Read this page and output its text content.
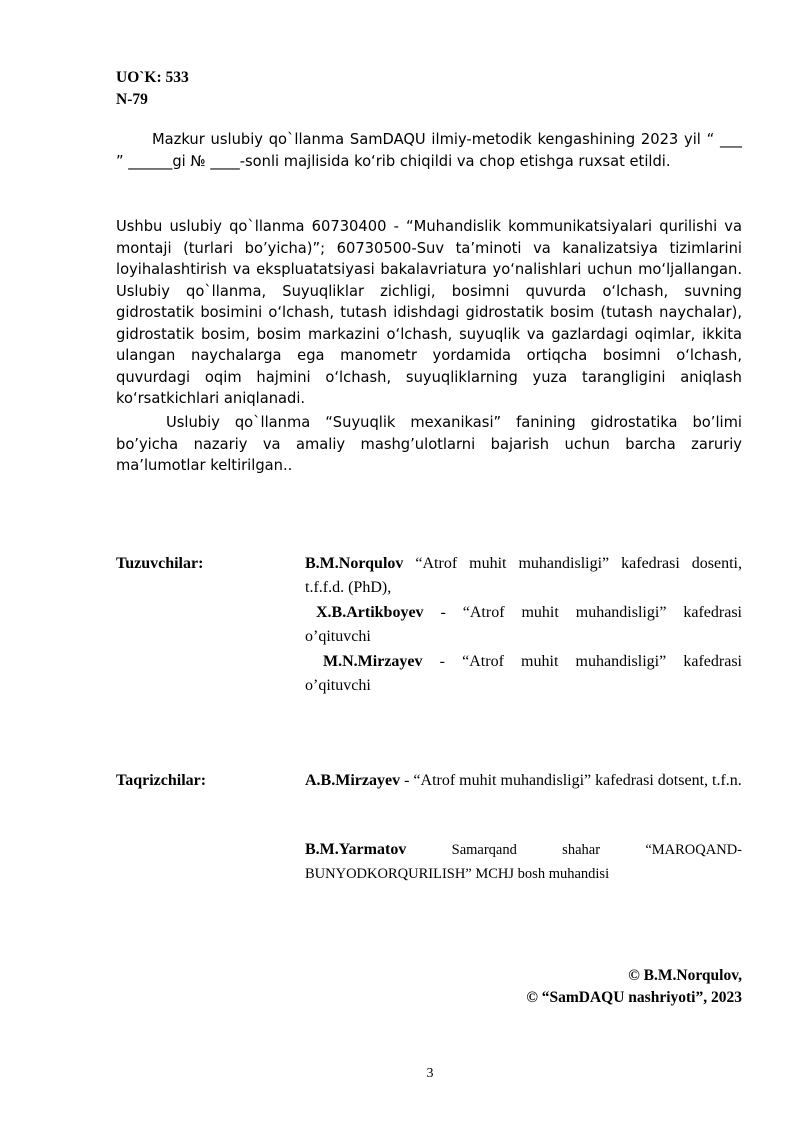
UO`K: 533
N-79
Mazkur uslubiy qo`llanma SamDAQU ilmiy-metodik kengashining 2023 yil “ ___ ” ______gi № ____-sonli majlisida ko‘rib chiqildi va chop etishga ruxsat etildi.
Ushbu uslubiy qo`llanma 60730400 - “Muhandislik kommunikatsiyalari qurilishi va montaji (turlari bo’yicha)”; 60730500-Suv ta’minoti va kanalizatsiya tizimlarini loyihalashtirish va ekspluatatsiyasi bakalavriatura yo‘nalishlari uchun mo‘ljallangan. Uslubiy qo`llanma, Suyuqliklar zichligi, bosimni quvurda o‘lchash, suvning gidrostatik bosimini o‘lchash, tutash idishdagi gidrostatik bosim (tutash naychalar), gidrostatik bosim, bosim markazini o‘lchash, suyuqlik va gazlardagi oqimlar, ikkita ulangan naychalarga ega manometr yordamida ortiqcha bosimni o‘lchash, quvurdagi oqim hajmini o‘lchash, suyuqliklarning yuza tarangligini aniqlash ko‘rsatkichlari aniqlanadi.
Uslubiy qo`llanma “Suyuqlik mexanikasi” fanining gidrostatika bo’limi bo’yicha nazariy va amaliy mashg’ulotlarni bajarish uchun barcha zaruriy ma’lumotlar keltirilgan..
Tuzuvchilar:	B.M.Norqulov “Atrof muhit muhandisligi” kafedrasi dosenti, t.f.f.d. (PhD),
X.B.Artikboyev - “Atrof muhit muhandisligi” kafedrasi o’qituvchi
M.N.Mirzayev - “Atrof muhit muhandisligi” kafedrasi o’qituvchi
Taqrizchilar:	A.B.Mirzayev - “Atrof muhit muhandisligi” kafedrasi dotsent, t.f.n.
B.M.Yarmatov Samarqand shahar “MAROQAND-BUNYODKORQURILISH” MCHJ bosh muhandisi
© B.M.Norqulov,
© “SamDAQU nashriyoti”, 2023
3
